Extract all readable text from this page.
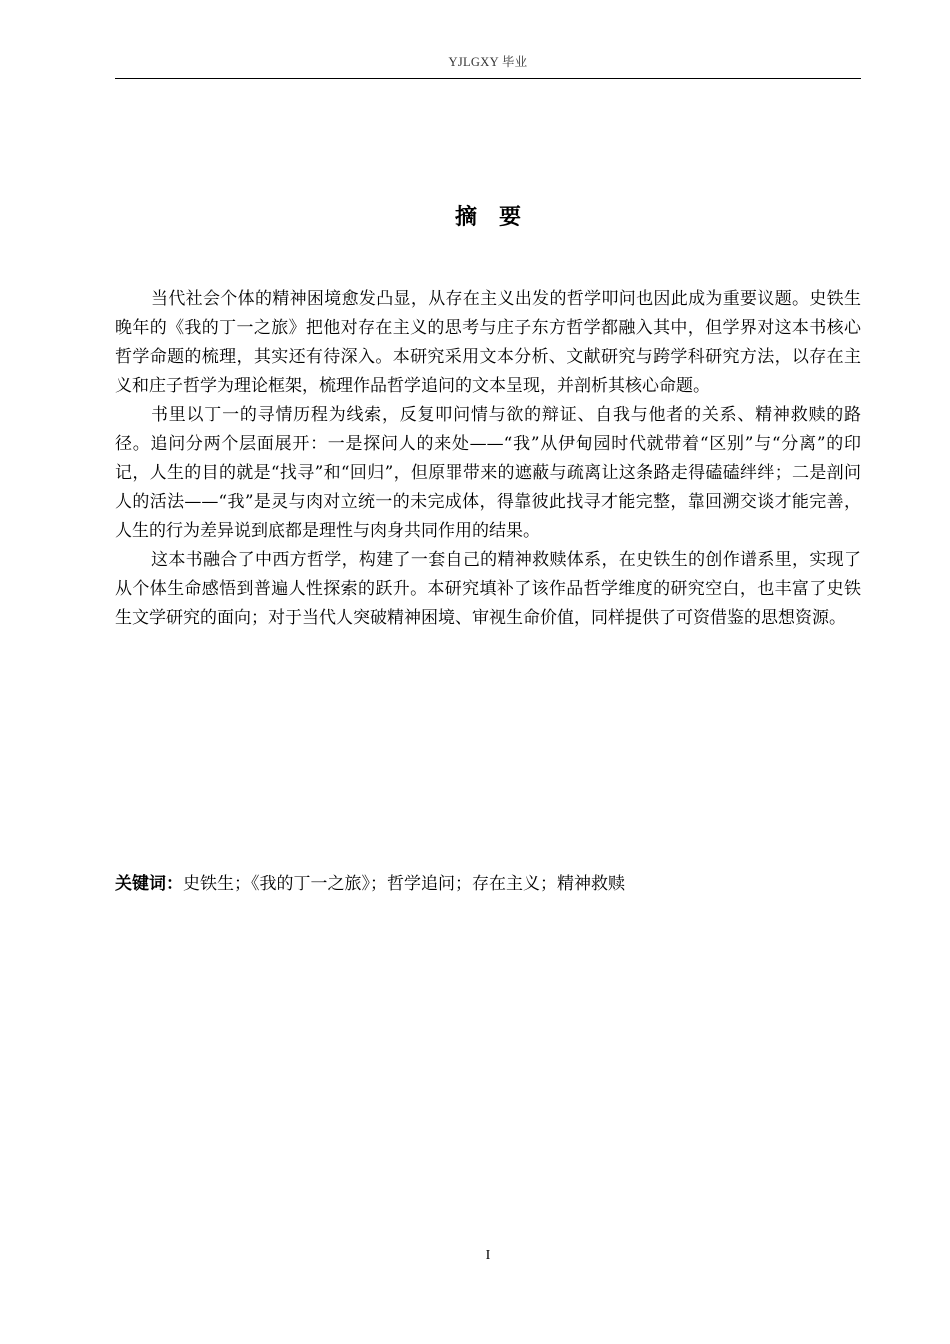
YJLGXY 毕业
摘 要

当代社会个体的精神困境愈发凸显，从存在主义出发的哲学叩问也因此成为重要议题。史铁生晚年的《我的丁一之旅》把他对存在主义的思考与庄子东方哲学都融入其中，但学界对这本书核心哲学命题的梳理，其实还有待深入。本研究采用文本分析、文献研究与跨学科研究方法，以存在主义和庄子哲学为理论框架，梳理作品哲学追问的文本呈现，并剖析其核心命题。

书里以丁一的寻情历程为线索，反复叩问情与欲的辩证、自我与他者的关系、精神救赎的路径。追问分两个层面展开：一是探问人的来处——“我”从伊甸园时代就带着“区别”与“分离”的印记，人生的目的就是“找寻”和“回归”，但原罪带来的遮蔽与疏离让这条路走得磕磕绊绊；二是剖问人的活法——“我”是灵与肉对立统一的未完成体，得靠彼此找寻才能完整，靠回溯交谈才能完善，人生的行为差异说到底都是理性与肉身共同作用的结果。

这本书融合了中西方哲学，构建了一套自己的精神救赎体系，在史铁生的创作谱系里，实现了从个体生命感悟到普遍人性探索的跃升。本研究填补了该作品哲学维度的研究空白，也丰富了史铁生文学研究的面向；对于当代人突破精神困境、审视生命价值，同样提供了可资借鉴的思想资源。

关键词：史铁生；《我的丁一之旅》；哲学追问；存在主义；精神救赎
I
